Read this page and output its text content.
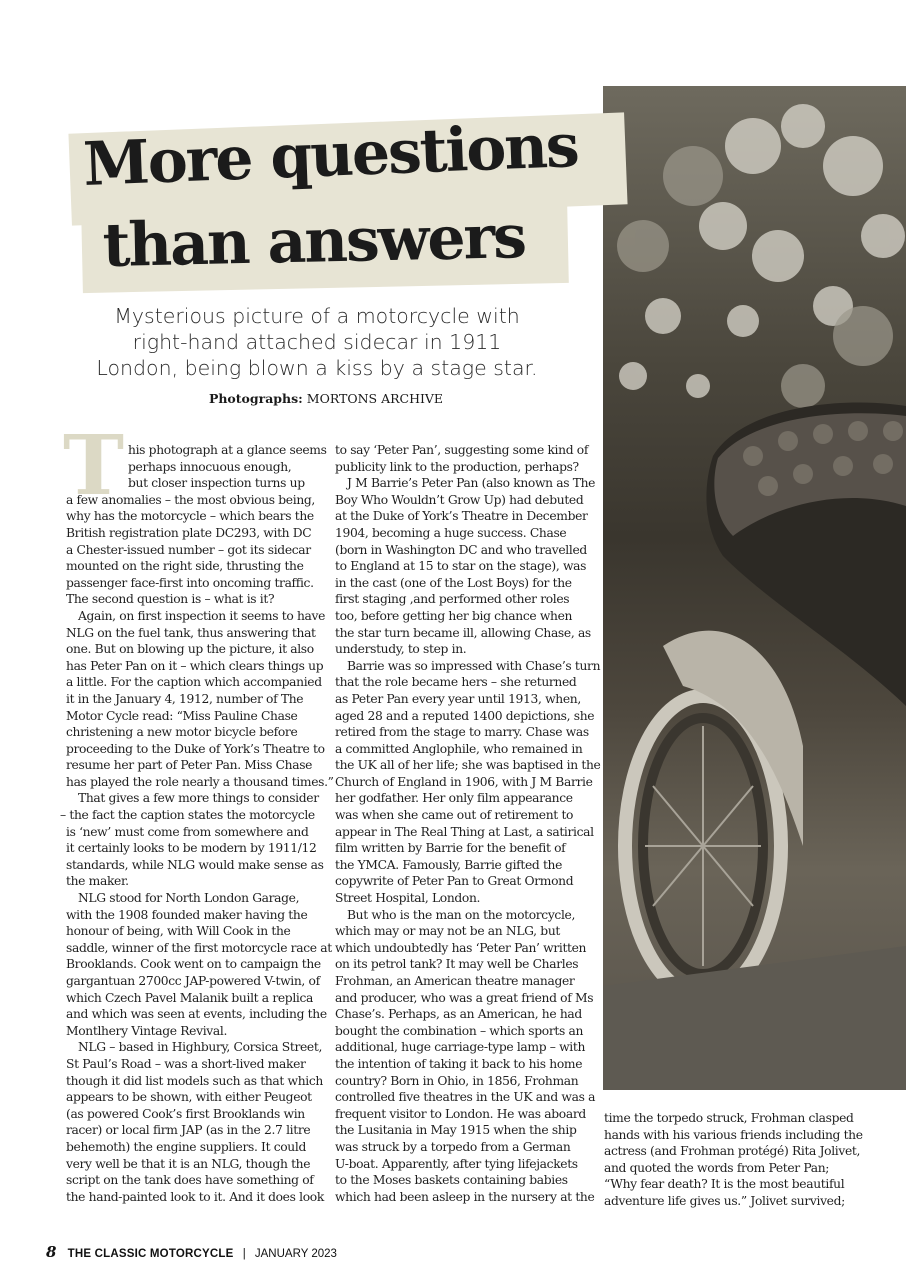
More questions
than answers
Mysterious picture of a motorcycle with right-hand attached sidecar in 1911 London, being blown a kiss by a stage star.
Photographs: MORTONS ARCHIVE
T his photograph at a glance seems
perhaps innocuous enough,
but closer inspection turns up
a few anomalies – the most obvious being,
why has the motorcycle – which bears the
British registration plate DC293, with DC
a Chester-issued number – got its sidecar
mounted on the right side, thrusting the
passenger face-first into oncoming traffic.
The second question is – what is it?
Again, on first inspection it seems to have
NLG on the fuel tank, thus answering that
one. But on blowing up the picture, it also
has Peter Pan on it – which clears things up
a little. For the caption which accompanied
it in the January 4, 1912, number of The
Motor Cycle read: “Miss Pauline Chase
christening a new motor bicycle before
proceeding to the Duke of York’s Theatre to
resume her part of Peter Pan. Miss Chase
has played the role nearly a thousand times.”
That gives a few more things to consider
– the fact the caption states the motorcycle
is ‘new’ must come from somewhere and
it certainly looks to be modern by 1911/12
standards, while NLG would make sense as
the maker.
NLG stood for North London Garage,
with the 1908 founded maker having the
honour of being, with Will Cook in the
saddle, winner of the first motorcycle race at
Brooklands. Cook went on to campaign the
gargantuan 2700cc JAP-powered V-twin, of
which Czech Pavel Malanik built a replica
and which was seen at events, including the
Montlhery Vintage Revival.
NLG – based in Highbury, Corsica Street,
St Paul’s Road – was a short-lived maker
though it did list models such as that which
appears to be shown, with either Peugeot
(as powered Cook’s first Brooklands win
racer) or local firm JAP (as in the 2.7 litre
behemoth) the engine suppliers. It could
very well be that it is an NLG, though the
script on the tank does have something of
the hand-painted look to it. And it does look
to say ‘Peter Pan’, suggesting some kind of
publicity link to the production, perhaps?
J M Barrie’s Peter Pan (also known as The
Boy Who Wouldn’t Grow Up) had debuted
at the Duke of York’s Theatre in December
1904, becoming a huge success. Chase
(born in Washington DC and who travelled
to England at 15 to star on the stage), was
in the cast (one of the Lost Boys) for the
first staging ,and performed other roles
too, before getting her big chance when
the star turn became ill, allowing Chase, as
understudy, to step in.
Barrie was so impressed with Chase’s turn
that the role became hers – she returned
as Peter Pan every year until 1913, when,
aged 28 and a reputed 1400 depictions, she
retired from the stage to marry. Chase was
a committed Anglophile, who remained in
the UK all of her life; she was baptised in the
Church of England in 1906, with J M Barrie
her godfather. Her only film appearance
was when she came out of retirement to
appear in The Real Thing at Last, a satirical
film written by Barrie for the benefit of
the YMCA. Famously, Barrie gifted the
copywrite of Peter Pan to Great Ormond
Street Hospital, London.
But who is the man on the motorcycle,
which may or may not be an NLG, but
which undoubtedly has ‘Peter Pan’ written
on its petrol tank? It may well be Charles
Frohman, an American theatre manager
and producer, who was a great friend of Ms
Chase’s. Perhaps, as an American, he had
bought the combination – which sports an
additional, huge carriage-type lamp – with
the intention of taking it back to his home
country? Born in Ohio, in 1856, Frohman
controlled five theatres in the UK and was a
frequent visitor to London. He was aboard
the Lusitania in May 1915 when the ship
was struck by a torpedo from a German
U-boat. Apparently, after tying lifejackets
to the Moses baskets containing babies
which had been asleep in the nursery at the
time the torpedo struck, Frohman clasped
hands with his various friends including the
actress (and Frohman protégé) Rita Jolivet,
and quoted the words from Peter Pan;
“Why fear death? It is the most beautiful
adventure life gives us.” Jolivet survived;
8 THE CLASSIC MOTORCYCLE | JANUARY 2023
